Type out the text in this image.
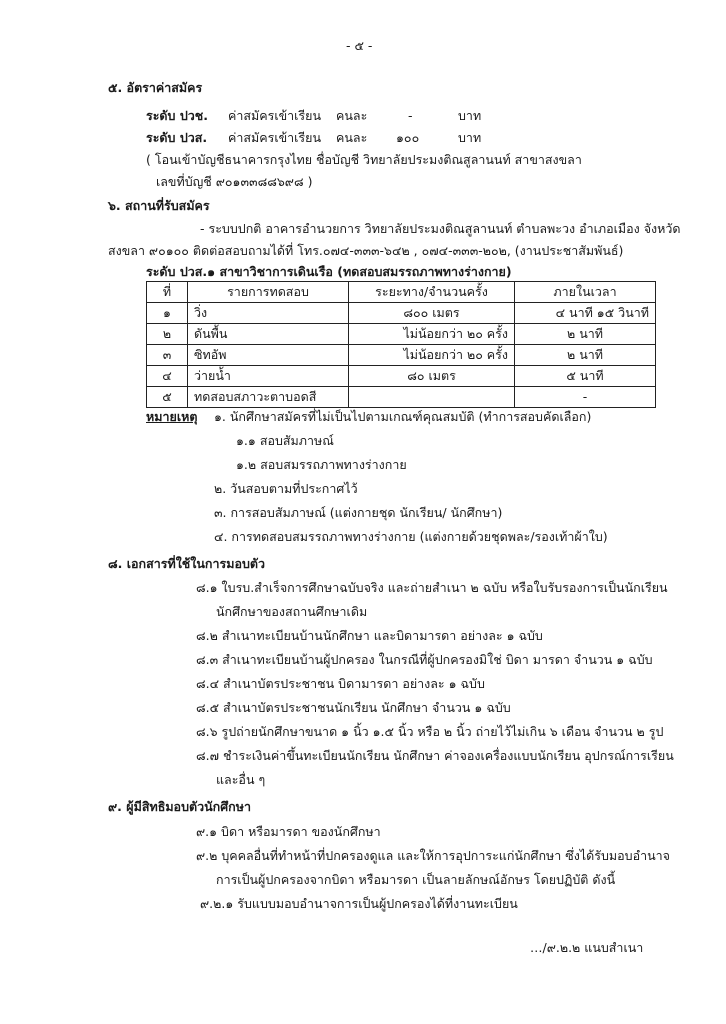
- ๕ -
๕. อัตราค่าสมัคร
ระดับ ปวช. ค่าสมัครเข้าเรียน คนละ	-	บาท
ระดับ ปวส. ค่าสมัครเข้าเรียน คนละ ๑๐๐	บาท
( โอนเข้าบัญชีธนาคารกรุงไทย ชื่อบัญชี วิทยาลัยประมงติณสูลานนท์ สาขาสงขลา
เลขที่บัญชี ๙๐๑๓๓๘๘๖๙๘ )
๖. สถานที่รับสมัคร
- ระบบปกติ อาคารอำนวยการ วิทยาลัยประมงติณสูลานนท์ ตำบลพะวง อำเภอเมือง จังหวัด
สงขลา ๙๐๑๐๐ ติดต่อสอบถามได้ที่ โทร.๐๗๔-๓๓๓-๖๔๒ , ๐๗๔-๓๓๓-๒๐๒, (งานประชาสัมพันธ์)
ระดับ ปวส.๑ สาขาวิชาการเดินเรือ (ทดสอบสมรรถภาพทางร่างกาย)
ที่	รายการทดสอบ	ระยะทาง/จำนวนครั้ง	ภายในเวลา
๑	วิ่ง	๘๐๐ เมตร	๔ นาที ๑๕ วินาที
๒	ดันพื้น	ไม่น้อยกว่า ๒๐ ครั้ง	๒ นาที
๓	ซิทอัพ	ไม่น้อยกว่า ๒๐ ครั้ง	๒ นาที
๔	ว่ายน้ำ	๘๐ เมตร	๕ นาที
๕	ทดสอบสภาวะตาบอดสี		-
หมายเหตุ ๑. นักศึกษาสมัครที่ไม่เป็นไปตามเกณฑ์คุณสมบัติ (ทำการสอบคัดเลือก)
๑.๑ สอบสัมภาษณ์
๑.๒ สอบสมรรถภาพทางร่างกาย
๒. วันสอบตามที่ประกาศไว้
๓. การสอบสัมภาษณ์ (แต่งกายชุด นักเรียน/ นักศึกษา)
๔. การทดสอบสมรรถภาพทางร่างกาย (แต่งกายด้วยชุดพละ/รองเท้าผ้าใบ)
๘. เอกสารที่ใช้ในการมอบตัว
๘.๑ ใบรบ.สำเร็จการศึกษาฉบับจริง และถ่ายสำเนา ๒ ฉบับ หรือใบรับรองการเป็นนักเรียน
นักศึกษาของสถานศึกษาเดิม
๘.๒ สำเนาทะเบียนบ้านนักศึกษา และบิดามารดา อย่างละ ๑ ฉบับ
๘.๓ สำเนาทะเบียนบ้านผู้ปกครอง ในกรณีที่ผู้ปกครองมิใช่ บิดา มารดา จำนวน ๑ ฉบับ
๘.๔ สำเนาบัตรประชาชน บิดามารดา อย่างละ ๑ ฉบับ
๘.๕ สำเนาบัตรประชาชนนักเรียน นักศึกษา จำนวน ๑ ฉบับ
๘.๖ รูปถ่ายนักศึกษาขนาด ๑ นิ้ว ๑.๕ นิ้ว หรือ ๒ นิ้ว ถ่ายไว้ไม่เกิน ๖ เดือน จำนวน ๒ รูป
๘.๗ ชำระเงินค่าขึ้นทะเบียนนักเรียน นักศึกษา ค่าจองเครื่องแบบนักเรียน อุปกรณ์การเรียน
และอื่น ๆ
๙. ผู้มีสิทธิมอบตัวนักศึกษา
๙.๑ บิดา หรือมารดา ของนักศึกษา
๙.๒ บุคคลอื่นที่ทำหน้าที่ปกครองดูแล และให้การอุปการะแก่นักศึกษา ซึ่งได้รับมอบอำนาจ
การเป็นผู้ปกครองจากบิดา หรือมารดา เป็นลายลักษณ์อักษร โดยปฏิบัติ ดังนี้
๙.๒.๑ รับแบบมอบอำนาจการเป็นผู้ปกครองได้ที่งานทะเบียน
…/๙.๒.๒ แนบสำเนา
